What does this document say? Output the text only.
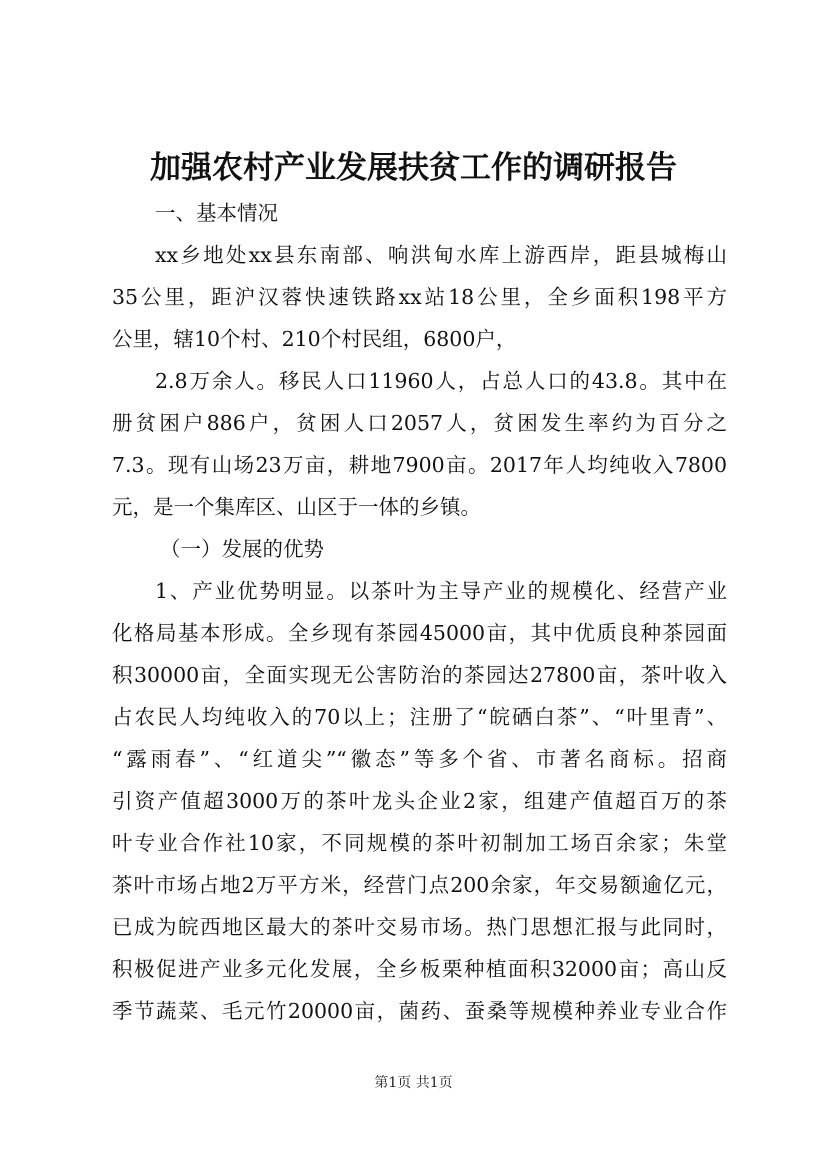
加强农村产业发展扶贫工作的调研报告
一、基本情况
xx乡地处xx县东南部、响洪甸水库上游西岸，距县城梅山
35公里，距沪汉蓉快速铁路xx站18公里，全乡面积198平方
公里，辖10个村、210个村民组，6800户，
2.8万余人。移民人口11960人，占总人口的43.8。其中在
册贫困户886户，贫困人口2057人，贫困发生率约为百分之
7.3。现有山场23万亩，耕地7900亩。2017年人均纯收入7800
元，是一个集库区、山区于一体的乡镇。
（一）发展的优势
1、产业优势明显。以茶叶为主导产业的规模化、经营产业
化格局基本形成。全乡现有茶园45000亩，其中优质良种茶园面
积30000亩，全面实现无公害防治的茶园达27800亩，茶叶收入
占农民人均纯收入的70以上；注册了“皖硒白茶”、“叶里青”、
“露雨春”、“红道尖”“徽态”等多个省、市著名商标。招商
引资产值超3000万的茶叶龙头企业2家，组建产值超百万的茶
叶专业合作社10家，不同规模的茶叶初制加工场百余家；朱堂
茶叶市场占地2万平方米，经营门点200余家，年交易额逾亿元，
已成为皖西地区最大的茶叶交易市场。热门思想汇报与此同时，
积极促进产业多元化发展，全乡板栗种植面积32000亩；高山反
季节蔬菜、毛元竹20000亩，菌药、蚕桑等规模种养业专业合作
第1页 共1页
